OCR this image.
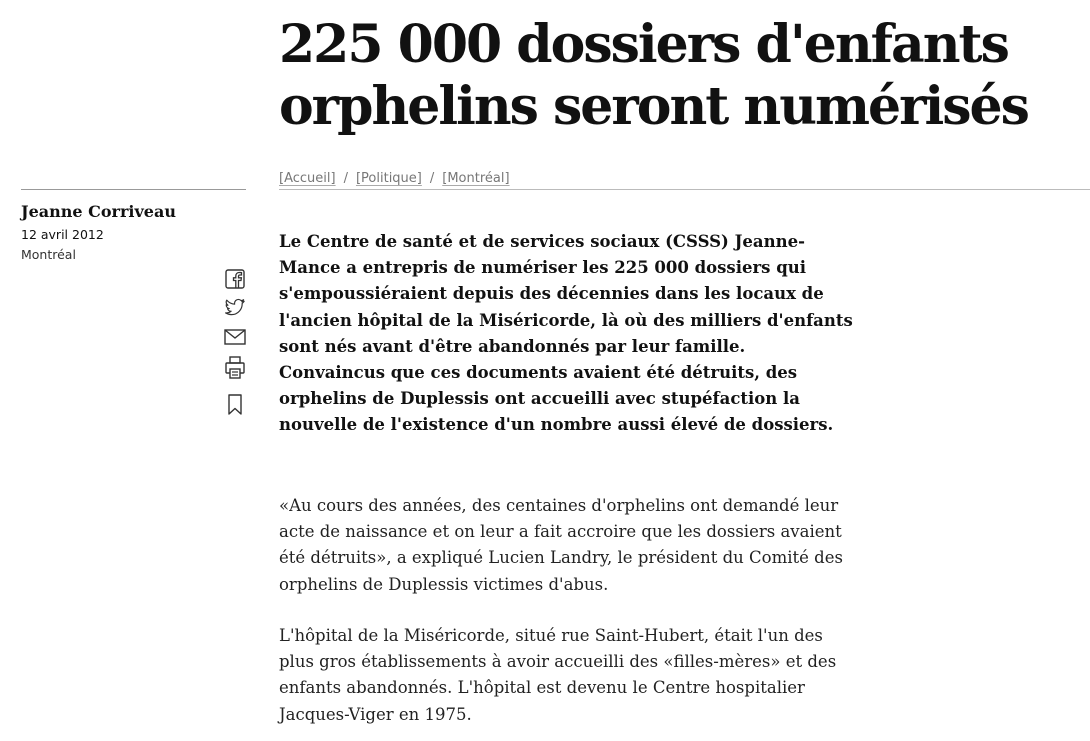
225 000 dossiers d'enfants orphelins seront numérisés
[Accueil] / [Politique] / [Montréal]
Jeanne Corriveau
12 avril 2012
Montréal

Le Centre de santé et de services sociaux (CSSS) Jeanne-Mance a entrepris de numériser les 225 000 dossiers qui s'empoussiéraient depuis des décennies dans les locaux de l'ancien hôpital de la Miséricorde, là où des milliers d'enfants sont nés avant d'être abandonnés par leur famille. Convaincus que ces documents avaient été détruits, des orphelins de Duplessis ont accueilli avec stupéfaction la nouvelle de l'existence d'un nombre aussi élevé de dossiers.

«Au cours des années, des centaines d'orphelins ont demandé leur acte de naissance et on leur a fait accroire que les dossiers avaient été détruits», a expliqué Lucien Landry, le président du Comité des orphelins de Duplessis victimes d'abus.

L'hôpital de la Miséricorde, situé rue Saint-Hubert, était l'un des plus gros établissements à avoir accueilli des «filles-mères» et des enfants abandonnés. L'hôpital est devenu le Centre hospitalier Jacques-Viger en 1975.
